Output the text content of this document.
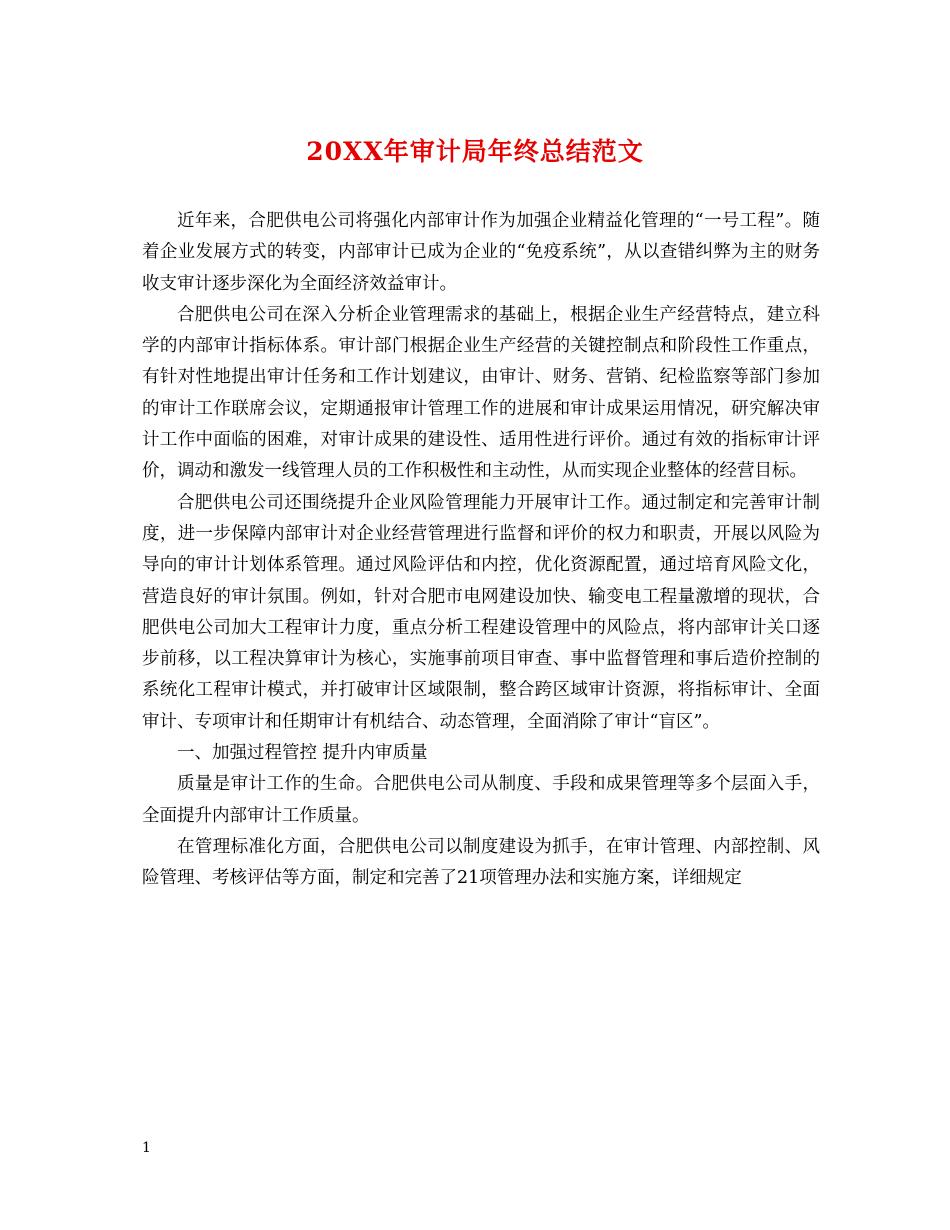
20XX年审计局年终总结范文

近年来，合肥供电公司将强化内部审计作为加强企业精益化管理的“一号工程”。随着企业发展方式的转变，内部审计已成为企业的“免疫系统”，从以查错纠弊为主的财务收支审计逐步深化为全面经济效益审计。

合肥供电公司在深入分析企业管理需求的基础上，根据企业生产经营特点，建立科学的内部审计指标体系。审计部门根据企业生产经营的关键控制点和阶段性工作重点，有针对性地提出审计任务和工作计划建议，由审计、财务、营销、纪检监察等部门参加的审计工作联席会议，定期通报审计管理工作的进展和审计成果运用情况，研究解决审计工作中面临的困难，对审计成果的建设性、适用性进行评价。通过有效的指标审计评价，调动和激发一线管理人员的工作积极性和主动性，从而实现企业整体的经营目标。

合肥供电公司还围绕提升企业风险管理能力开展审计工作。通过制定和完善审计制度，进一步保障内部审计对企业经营管理进行监督和评价的权力和职责，开展以风险为导向的审计计划体系管理。通过风险评估和内控，优化资源配置，通过培育风险文化，营造良好的审计氛围。例如，针对合肥市电网建设加快、输变电工程量激增的现状，合肥供电公司加大工程审计力度，重点分析工程建设管理中的风险点，将内部审计关口逐步前移，以工程决算审计为核心，实施事前项目审查、事中监督管理和事后造价控制的系统化工程审计模式，并打破审计区域限制，整合跨区域审计资源，将指标审计、全面审计、专项审计和任期审计有机结合、动态管理，全面消除了审计“盲区”。

一、加强过程管控 提升内审质量

质量是审计工作的生命。合肥供电公司从制度、手段和成果管理等多个层面入手，全面提升内部审计工作质量。

在管理标准化方面，合肥供电公司以制度建设为抓手，在审计管理、内部控制、风险管理、考核评估等方面，制定和完善了21项管理办法和实施方案，详细规定

1
